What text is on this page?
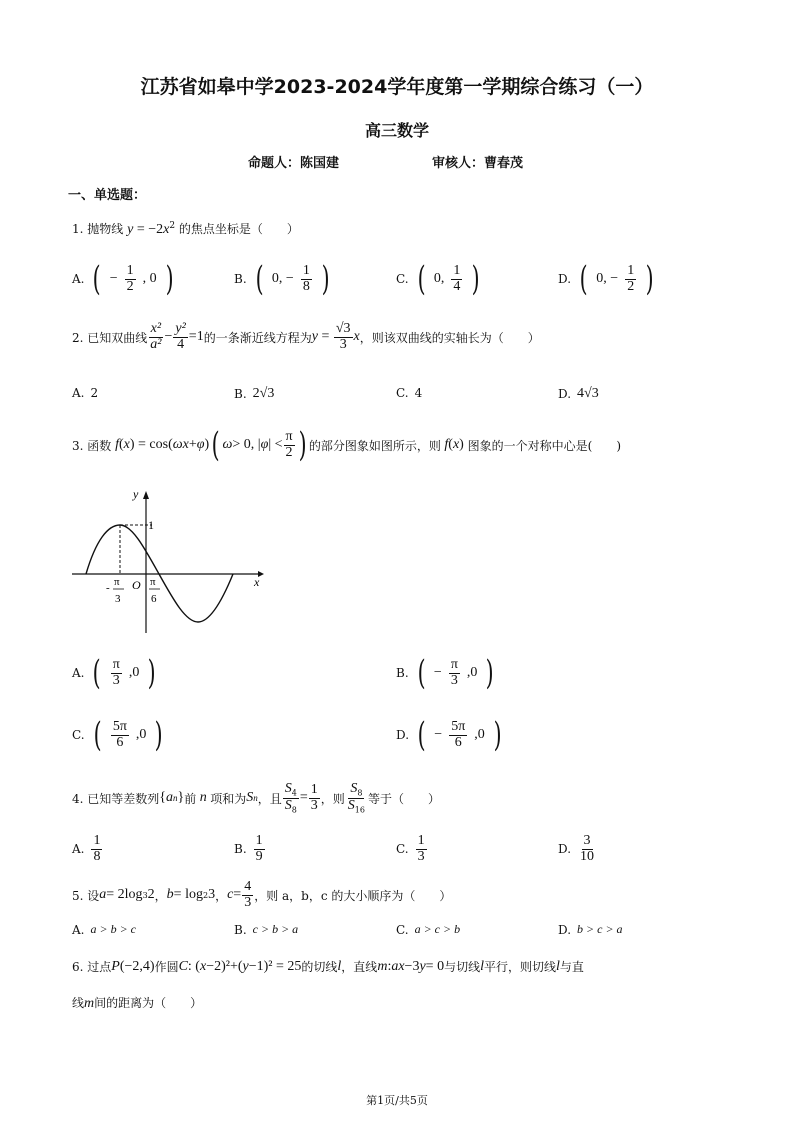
江苏省如皋中学2023-2024学年度第一学期综合练习（一）
高三数学
命题人：陈国建	审核人：曹春茂
一、单选题：
1. 抛物线 $y = -2x^2$ 的焦点坐标是（　　）
A. ( − $\frac{1}{2}$ , 0 )	B. ( 0, − $\frac{1}{8}$ )	C. ( 0, $\frac{1}{4}$ )	D. ( 0, − $\frac{1}{2}$ )
2. 已知双曲线 $\frac{\text{x²}}{\text{a²}} - \frac{\text{y²}}{4} =1$ 的一条渐近线方程为 $y = \frac{√3}{3}$ x ，则该双曲线的实轴长为（　　）
A. 2	B. 2√3	C. 4	D. 4√3
3. 函数
f ( x ) = cos( ωx + φ ) ( ω > 0, | φ | < $\frac{\pi}{2}$ ) 的部分图象如图所示，则 f ( x )
图象的一个对称中心是(　　)
y
x
1
O
- π
3
π
6
A. ( $\frac{\pi}{3} ,0$ )	B. ( − $\frac{\pi}{3} ,0$ )
C. ( $\frac{5\pi}{6} ,0$ )	D. ( − $\frac{5\pi}{6} ,0$ )
4. 已知等差数列 { a n } 前 n 项和为 S n ，且 $\frac{S_4}{S_8} = \frac{1}{3}$ ，则 $\frac{S_8}{S_{16}}$ 等于（　　）
A. $\frac{1}{8}$	B. $\frac{1}{9}$	C. $\frac{1}{3}$	D. $\frac{3}{10}$
5. 设 a = 2log 3 2 ， b = log 2 3 ， $c = \frac{4}{3}$ ，则 a，b，c 的大小顺序为（　　）
A. a > b > c	B. c > b > a	C. a > c > b	D. b > c > a
6. 过点 P (−2,4) 作圆 C : ( x −2)²+( y −1)² = 25 的切线 l ，直线 m : ax −3 y = 0 与切线 l 平行，则切线 l 与直
线m间的距离为（　　）
第1页/共5页
